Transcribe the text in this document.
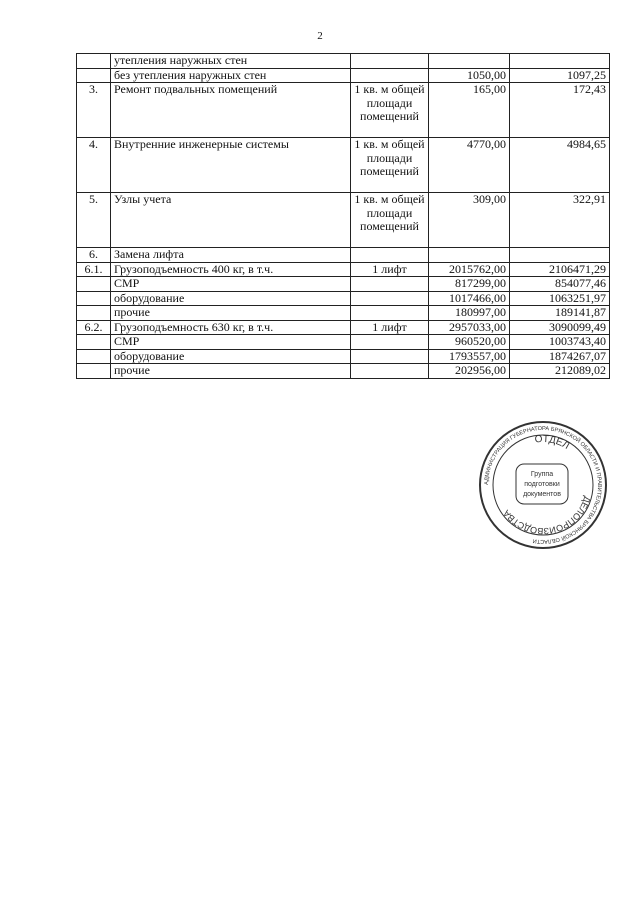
2
	утепления наружных стен			
	без утепления наружных стен		1050,00	1097,25
3.	Ремонт подвальных помещений	1 кв. м общей площади помещений	165,00	172,43
4.	Внутренние инженерные системы	1 кв. м общей площади помещений	4770,00	4984,65
5.	Узлы учета	1 кв. м общей площади помещений	309,00	322,91
6.	Замена лифта			
6.1.	Грузоподъемность 400 кг, в т.ч.	1 лифт	2015762,00	2106471,29
	СМР		817299,00	854077,46
	оборудование		1017466,00	1063251,97
	прочие		180997,00	189141,87
6.2.	Грузоподъемность 630 кг, в т.ч.	1 лифт	2957033,00	3090099,49
	СМР		960520,00	1003743,40
	оборудование		1793557,00	1874267,07
	прочие		202956,00	212089,02
АДМИНИСТРАЦИЯ ГУБЕРНАТОРА БРЯНСКОЙ ОБЛАСТИ И ПРАВИТЕЛЬСТВА БРЯНСКОЙ ОБЛАСТИ
ОТДЕЛ
ДЕЛОПРОИЗВОДСТВА
Группа
подготовки
документов
